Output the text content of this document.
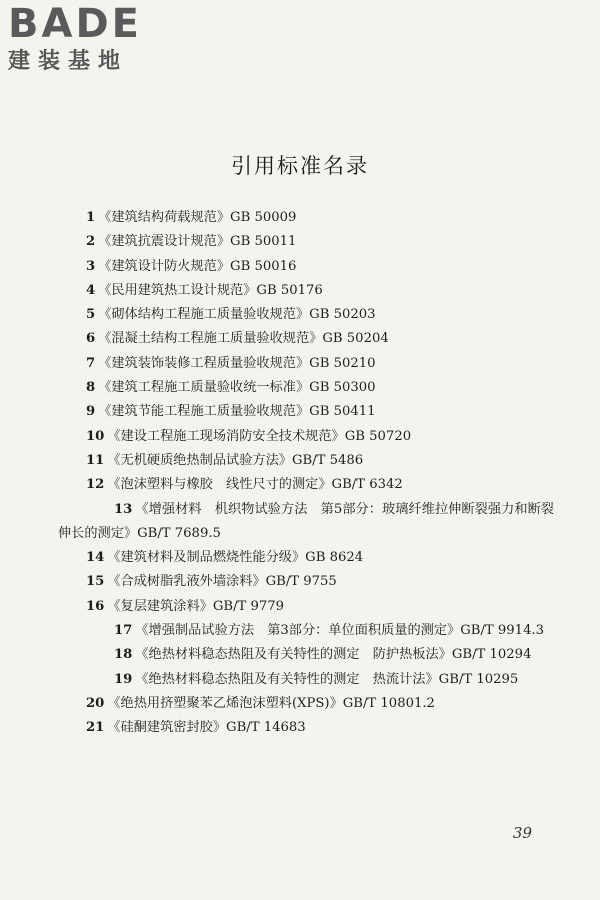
BADE
建装基地
引用标准名录
1 《建筑结构荷载规范》GB 50009
2 《建筑抗震设计规范》GB 50011
3 《建筑设计防火规范》GB 50016
4 《民用建筑热工设计规范》GB 50176
5 《砌体结构工程施工质量验收规范》GB 50203
6 《混凝土结构工程施工质量验收规范》GB 50204
7 《建筑装饰装修工程质量验收规范》GB 50210
8 《建筑工程施工质量验收统一标准》GB 50300
9 《建筑节能工程施工质量验收规范》GB 50411
10 《建设工程施工现场消防安全技术规范》GB 50720
11 《无机硬质绝热制品试验方法》GB/T 5486
12 《泡沫塑料与橡胶　线性尺寸的测定》GB/T 6342
13 《增强材料　机织物试验方法　第5部分：玻璃纤维拉伸断裂强力和断裂伸长的测定》GB/T 7689.5
14 《建筑材料及制品燃烧性能分级》GB 8624
15 《合成树脂乳液外墙涂料》GB/T 9755
16 《复层建筑涂料》GB/T 9779
17 《增强制品试验方法　第3部分：单位面积质量的测定》GB/T 9914.3
18 《绝热材料稳态热阻及有关特性的测定　防护热板法》GB/T 10294
19 《绝热材料稳态热阻及有关特性的测定　热流计法》GB/T 10295
20 《绝热用挤塑聚苯乙烯泡沫塑料(XPS)》GB/T 10801.2
21 《硅酮建筑密封胶》GB/T 14683
39
